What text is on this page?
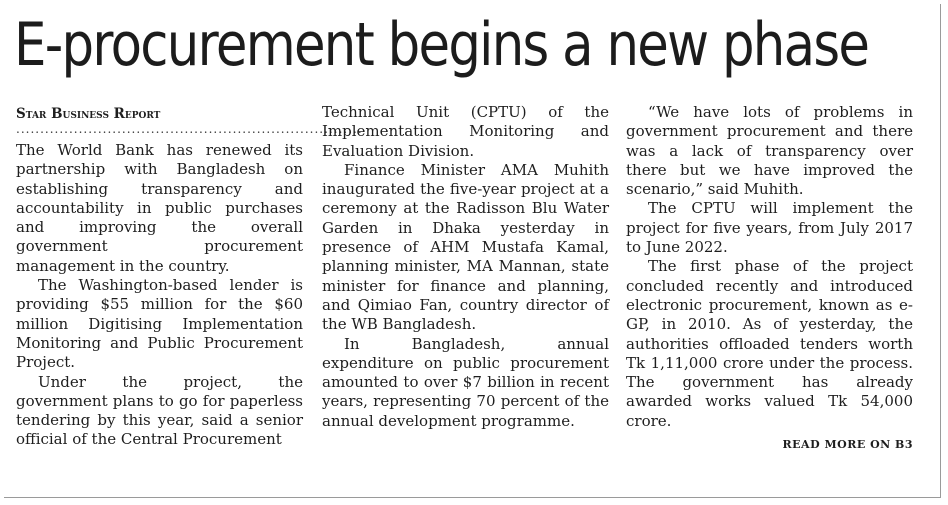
E-procurement begins a new phase
Star Business Report
........................................................................

The World Bank has renewed its partnership with Bangladesh on establishing transparency and accountability in public purchases and improving the overall government procurement management in the country.

The Washington-based lender is providing $55 million for the $60 million Digitising Implementation Monitoring and Public Procurement Project.

Under the project, the government plans to go for paperless tendering by this year, said a senior official of the Central Procurement

Technical Unit (CPTU) of the Implementation Monitoring and Evaluation Division.

Finance Minister AMA Muhith inaugurated the five-year project at a ceremony at the Radisson Blu Water Garden in Dhaka yesterday in presence of AHM Mustafa Kamal, planning minister, MA Mannan, state minister for finance and planning, and Qimiao Fan, country director of the WB Bangladesh.

In Bangladesh, annual expenditure on public procurement amounted to over $7 billion in recent years, representing 70 percent of the annual development programme.

“We have lots of problems in government procurement and there was a lack of transparency over there but we have improved the scenario,” said Muhith.

The CPTU will implement the project for five years, from July 2017 to June 2022.

The first phase of the project concluded recently and introduced electronic procurement, known as e-GP, in 2010. As of yesterday, the authorities offloaded tenders worth Tk 1,11,000 crore under the process. The government has already awarded works valued Tk 54,000 crore.

READ MORE ON B3
